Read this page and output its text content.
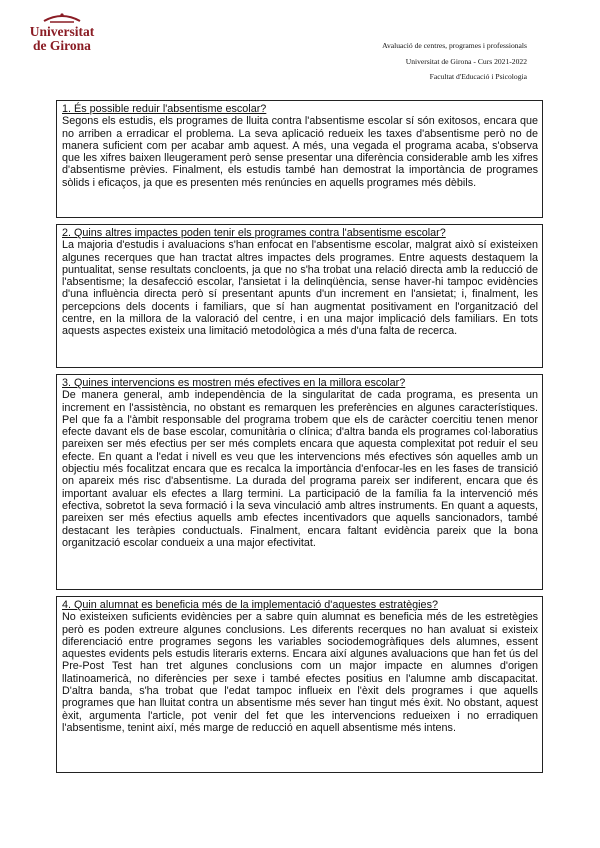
Universitat
de Girona	Avaluació de centres, programes i professionals
Universitat de Girona - Curs 2021-2022
Facultat d'Educació i Psicologia
1. És possible reduir l'absentisme escolar?
Segons els estudis, els programes de lluita contra l'absentisme escolar sí són exitosos, encara que no arriben a erradicar el problema. La seva aplicació redueix les taxes d'absentisme però no de manera suficient com per acabar amb aquest. A més, una vegada el programa acaba, s'observa que les xifres baixen lleugerament però sense presentar una diferència considerable amb les xifres d'absentisme prèvies. Finalment, els estudis també han demostrat la importància de programes sòlids i eficaços, ja que es presenten més renúncies en aquells programes més dèbils.
2. Quins altres impactes poden tenir els programes contra l'absentisme escolar?
La majoria d'estudis i avaluacions s'han enfocat en l'absentisme escolar, malgrat això sí existeixen algunes recerques que han tractat altres impactes dels programes. Entre aquests destaquem la puntualitat, sense resultats concloents, ja que no s'ha trobat una relació directa amb la reducció de l'absentisme; la desafecció escolar, l'ansietat i la delinqüència, sense haver-hi tampoc evidències d'una influència directa però sí presentant apunts d'un increment en l'ansietat; i, finalment, les percepcions dels docents i familiars, que sí han augmentat positivament en l'organització del centre, en la millora de la valoració del centre, i en una major implicació dels familiars. En tots aquests aspectes existeix una limitació metodològica a més d'una falta de recerca.
3. Quines intervencions es mostren més efectives en la millora escolar?
De manera general, amb independència de la singularitat de cada programa, es presenta un increment en l'assistència, no obstant es remarquen les preferències en algunes característiques. Pel que fa a l'àmbit responsable del programa trobem que els de caràcter coercitiu tenen menor efecte davant els de base escolar, comunitària o clínica; d'altra banda els programes col·laboratius pareixen ser més efectius per ser més complets encara que aquesta complexitat pot reduir el seu efecte. En quant a l'edat i nivell es veu que les intervencions més efectives són aquelles amb un objectiu més focalitzat encara que es recalca la importància d'enfocar-les en les fases de transició on apareix més risc d'absentisme. La durada del programa pareix ser indiferent, encara que és important avaluar els efectes a llarg termini. La participació de la família fa la intervenció més efectiva, sobretot la seva formació i la seva vinculació amb altres instruments. En quant a aquests, pareixen ser més efectius aquells amb efectes incentivadors que aquells sancionadors, també destacant les teràpies conductuals. Finalment, encara faltant evidència pareix que la bona organització escolar condueix a una major efectivitat.
4. Quin alumnat es beneficia més de la implementació d'aquestes estratègies?
No existeixen suficients evidències per a sabre quin alumnat es beneficia més de les estretègies però es poden extreure algunes conclusions. Les diferents recerques no han avaluat si existeix diferenciació entre programes segons les variables sociodemogràfiques dels alumnes, essent aquestes evidents pels estudis literaris externs. Encara així algunes avaluacions que han fet ús del Pre-Post Test han tret algunes conclusions com un major impacte en alumnes d'origen llatinoamericà, no diferències per sexe i també efectes positius en l'alumne amb discapacitat. D'altra banda, s'ha trobat que l'edat tampoc influeix en l'èxit dels programes i que aquells programes que han lluitat contra un absentisme més sever han tingut més èxit. No obstant, aquest èxit, argumenta l'article, pot venir del fet que les intervencions redueixen i no erradiquen l'absentisme, tenint així, més marge de reducció en aquell absentisme més intens.
